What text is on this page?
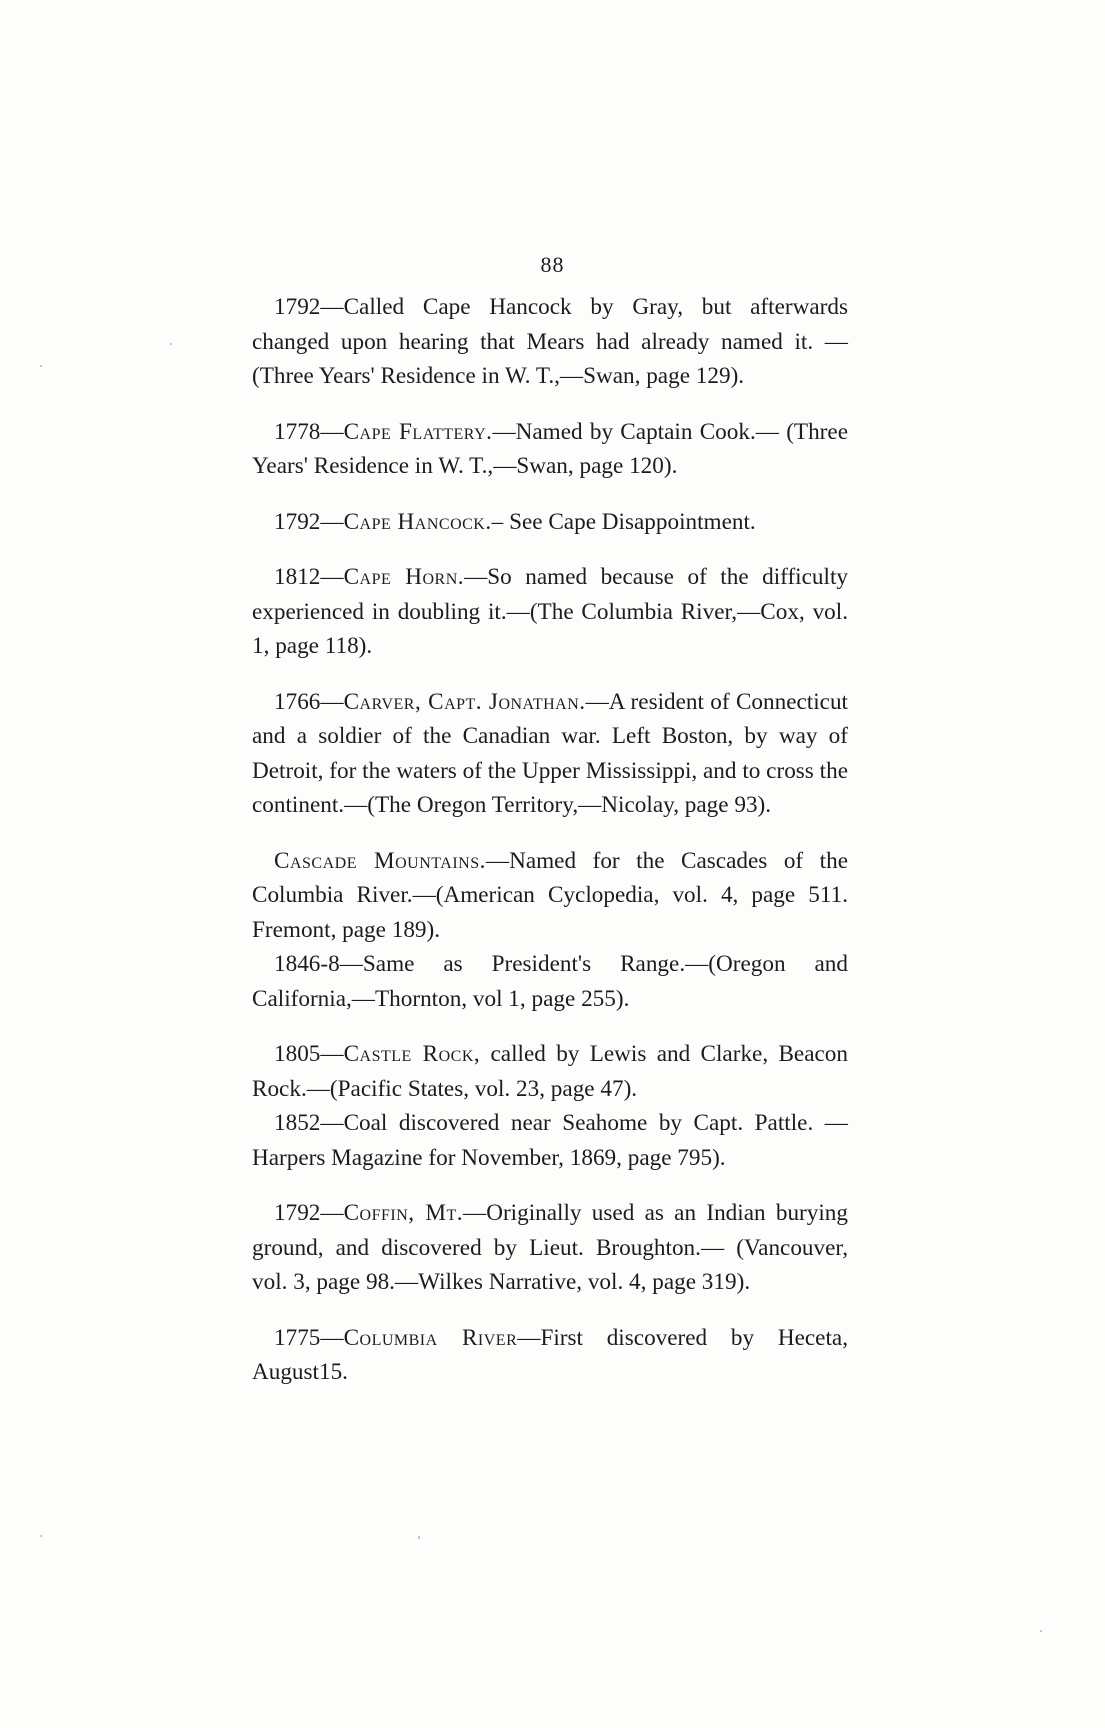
88

1792—Called Cape Hancock by Gray, but afterwards changed upon hearing that Mears had already named it. —(Three Years' Residence in W. T.,—Swan, page 129).

1778—Cape Flattery.—Named by Captain Cook.— (Three Years' Residence in W. T.,—Swan, page 120).

1792—Cape Hancock.– See Cape Disappointment.

1812—Cape Horn.—So named because of the difficulty experienced in doubling it.—(The Columbia River,—Cox, vol. 1, page 118).

1766—Carver, Capt. Jonathan.—A resident of Connecticut and a soldier of the Canadian war. Left Boston, by way of Detroit, for the waters of the Upper Mississippi, and to cross the continent.—(The Oregon Territory,—Nicolay, page 93).

Cascade Mountains.—Named for the Cascades of the Columbia River.—(American Cyclopedia, vol. 4, page 511. Fremont, page 189).

1846-8—Same as President's Range.—(Oregon and California,—Thornton, vol 1, page 255).

1805—Castle Rock, called by Lewis and Clarke, Beacon Rock.—(Pacific States, vol. 23, page 47).

1852—Coal discovered near Seahome by Capt. Pattle. —Harpers Magazine for November, 1869, page 795).

1792—Coffin, Mt.—Originally used as an Indian burying ground, and discovered by Lieut. Broughton.— (Vancouver, vol. 3, page 98.—Wilkes Narrative, vol. 4, page 319).

1775—Columbia River—First discovered by Heceta, August15.
